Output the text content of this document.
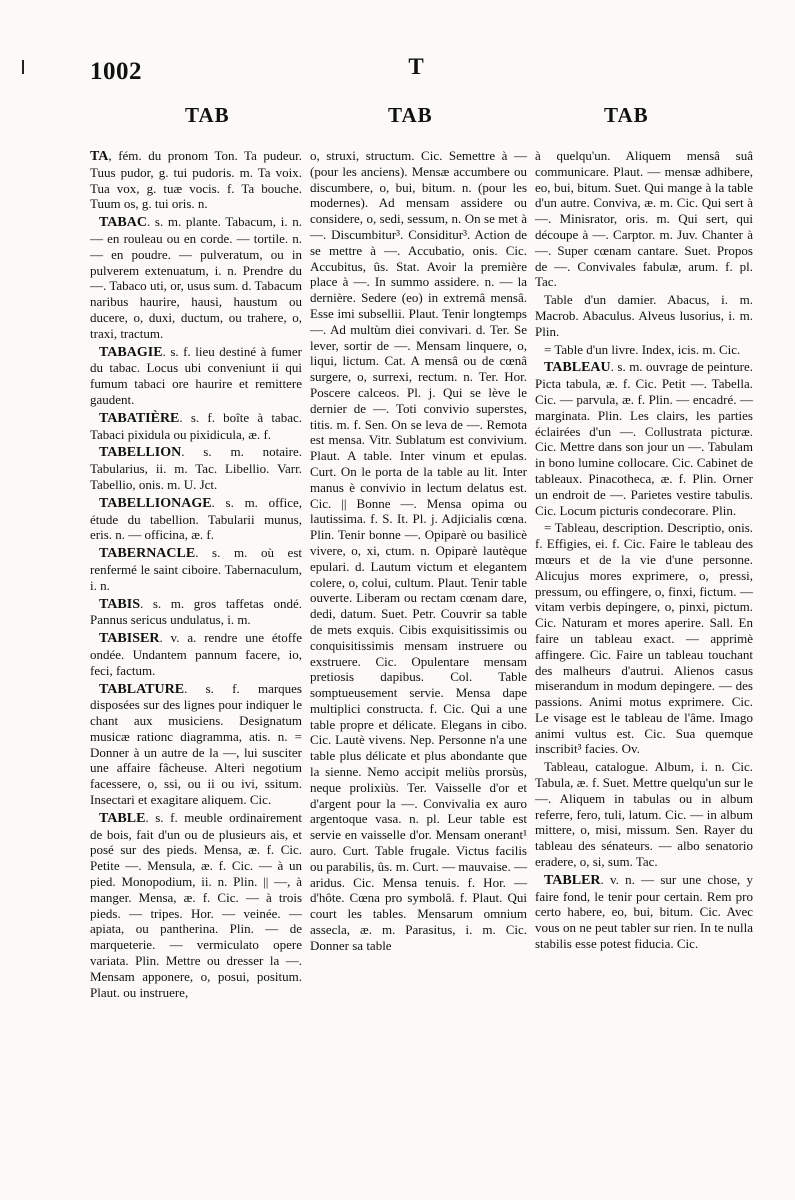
1002	T
TAB	TAB	TAB

TA, fém. du pronom Ton. Ta pudeur. Tuus pudor, g. tui pudoris. m. Ta voix. Tua vox, g. tuæ vocis. f. Ta bouche. Tuum os, g. tui oris. n.

TABAC. s. m. plante. Tabacum, i. n. — en rouleau ou en corde. — tortile. n. — en poudre. — pulveratum, ou in pulverem extenuatum, i. n. Prendre du —. Tabaco uti, or, usus sum. d. Tabacum naribus haurire, hausi, haustum ou ducere, o, duxi, ductum, ou trahere, o, traxi, tractum.

TABAGIE. s. f. lieu destiné à fumer du tabac. Locus ubi conveniunt ii qui fumum tabaci ore haurire et remittere gaudent.

TABATIÈRE. s. f. boîte à tabac. Tabaci pixidula ou pixidicula, æ. f.

TABELLION. s. m. notaire. Tabularius, ii. m. Tac. Libellio. Varr. Tabellio, onis. m. U. Jct.

TABELLIONAGE. s. m. office, étude du tabellion. Tabularii munus, eris. n. — officina, æ. f.

TABERNACLE. s. m. où est renfermé le saint ciboire. Tabernaculum, i. n.

TABIS. s. m. gros taffetas ondé. Pannus sericus undulatus, i. m.

TABISER. v. a. rendre une étoffe ondée. Undantem pannum facere, io, feci, factum.

TABLATURE. s. f. marques disposées sur des lignes pour indiquer le chant aux musiciens. Designatum musicæ rationc diagramma, atis. n. = Donner à un autre de la —, lui susciter une affaire fâcheuse. Alteri negotium facessere, o, ssi, ou ii ou ivi, ssitum. Insectari et exagitare aliquem. Cic.

TABLE. s. f. meuble ordinairement de bois, fait d'un ou de plusieurs ais, et posé sur des pieds. Mensa, æ. f. Cic. Petite —. Mensula, æ. f. Cic. — à un pied. Monopodium, ii. n. Plin. || —, à manger. Mensa, æ. f. Cic. — à trois pieds. — tripes. Hor. — veinée. — apiata, ou pantherina. Plin. — de marqueterie. — vermiculato opere variata. Plin. Mettre ou dresser la —. Mensam apponere, o, posui, positum. Plaut. ou instruere,

o, struxi, structum. Cic. Semettre à — (pour les anciens). Mensæ accumbere ou discumbere, o, bui, bitum. n. (pour les modernes). Ad mensam assidere ou considere, o, sedi, sessum, n. On se met à —. Discumbitur³. Considitur³. Action de se mettre à —. Accubatio, onis. Cic. Accubitus, ûs. Stat. Avoir la première place à —. In summo assidere. n. — la dernière. Sedere (eo) in extremâ mensâ. Esse imi subsellii. Plaut. Tenir longtemps —. Ad multùm diei convivari. d. Ter. Se lever, sortir de —. Mensam linquere, o, liqui, lictum. Cat. A mensâ ou de cœnâ surgere, o, surrexi, rectum. n. Ter. Hor. Poscere calceos. Pl. j. Qui se lève le dernier de —. Toti convivio superstes, titis. m. f. Sen. On se leva de —. Remota est mensa. Vitr. Sublatum est convivium. Plaut. A table. Inter vinum et epulas. Curt. On le porta de la table au lit. Inter manus è convivio in lectum delatus est. Cic. || Bonne —. Mensa opima ou lautissima. f. S. It. Pl. j. Adjicialis cœna. Plin. Tenir bonne —. Opiparè ou basilicè vivere, o, xi, ctum. n. Opiparè lautèque epulari. d. Lautum victum et elegantem colere, o, colui, cultum. Plaut. Tenir table ouverte. Liberam ou rectam cœnam dare, dedi, datum. Suet. Petr. Couvrir sa table de mets exquis. Cibis exquisitissimis ou conquisitissimis mensam instruere ou exstruere. Cic. Opulentare mensam pretiosis dapibus. Col. Table somptueusement servie. Mensa dape multiplici constructa. f. Cic. Qui a une table propre et délicate. Elegans in cibo. Cic. Lautè vivens. Nep. Personne n'a une table plus délicate et plus abondante que la sienne. Nemo accipit meliùs prorsùs, neque prolixiùs. Ter. Vaisselle d'or et d'argent pour la —. Convivalia ex auro argentoque vasa. n. pl. Leur table est servie en vaisselle d'or. Mensam onerant¹ auro. Curt. Table frugale. Victus facilis ou parabilis, ûs. m. Curt. — mauvaise. — aridus. Cic. Mensa tenuis. f. Hor. — d'hôte. Cœna pro symbolâ. f. Plaut. Qui court les tables. Mensarum omnium assecla, æ. m. Parasitus, i. m. Cic. Donner sa table

à quelqu'un. Aliquem mensâ suâ communicare. Plaut. — mensæ adhibere, eo, bui, bitum. Suet. Qui mange à la table d'un autre. Conviva, æ. m. Cic. Qui sert à —. Minisrator, oris. m. Qui sert, qui découpe à —. Carptor. m. Juv. Chanter à —. Super cœnam cantare. Suet. Propos de —. Convivales fabulæ, arum. f. pl. Tac.

Table d'un damier. Abacus, i. m. Macrob. Abaculus. Alveus lusorius, i. m. Plin.

= Table d'un livre. Index, icis. m. Cic.

TABLEAU. s. m. ouvrage de peinture. Picta tabula, æ. f. Cic. Petit —. Tabella. Cic. — parvula, æ. f. Plin. — encadré. — marginata. Plin. Les clairs, les parties éclairées d'un —. Collustrata picturæ. Cic. Mettre dans son jour un —. Tabulam in bono lumine collocare. Cic. Cabinet de tableaux. Pinacotheca, æ. f. Plin. Orner un endroit de —. Parietes vestire tabulis. Cic. Locum picturis condecorare. Plin.

= Tableau, description. Descriptio, onis. f. Effigies, ei. f. Cic. Faire le tableau des mœurs et de la vie d'une personne. Alicujus mores exprimere, o, pressi, pressum, ou effingere, o, finxi, fictum. — vitam verbis depingere, o, pinxi, pictum. Cic. Naturam et mores aperire. Sall. En faire un tableau exact. — apprimè affingere. Cic. Faire un tableau touchant des malheurs d'autrui. Alienos casus miserandum in modum depingere. — des passions. Animi motus exprimere. Cic. Le visage est le tableau de l'âme. Imago animi vultus est. Cic. Sua quemque inscribit³ facies. Ov.

Tableau, catalogue. Album, i. n. Cic. Tabula, æ. f. Suet. Mettre quelqu'un sur le —. Aliquem in tabulas ou in album referre, fero, tuli, latum. Cic. — in album mittere, o, misi, missum. Sen. Rayer du tableau des sénateurs. — albo senatorio eradere, o, si, sum. Tac.

TABLER. v. n. — sur une chose, y faire fond, le tenir pour certain. Rem pro certo habere, eo, bui, bitum. Cic. Avec vous on ne peut tabler sur rien. In te nulla stabilis esse potest fiducia. Cic.
